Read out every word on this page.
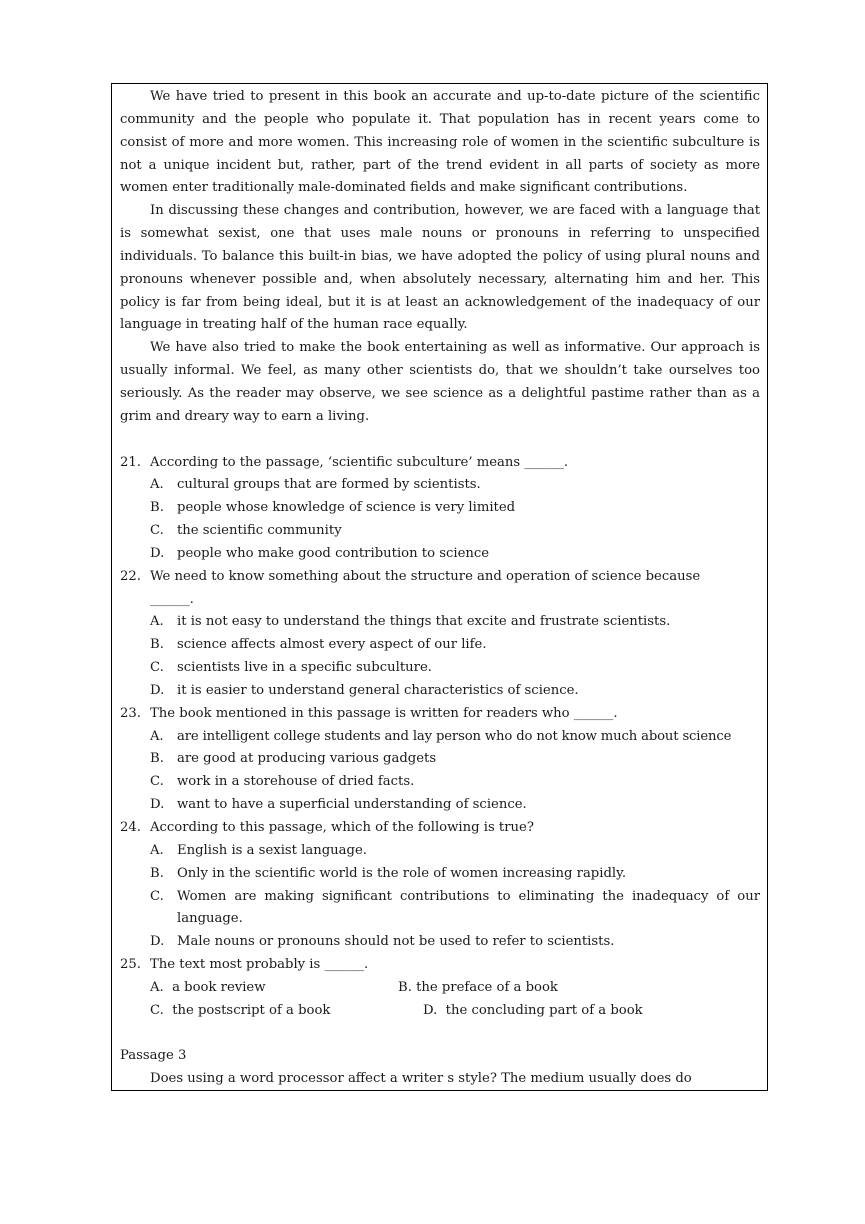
We have tried to present in this book an accurate and up-to-date picture of the scientific community and the people who populate it. That population has in recent years come to consist of more and more women. This increasing role of women in the scientific subculture is not a unique incident but, rather, part of the trend evident in all parts of society as more women enter traditionally male-dominated fields and make significant contributions.

In discussing these changes and contribution, however, we are faced with a language that is somewhat sexist, one that uses male nouns or pronouns in referring to unspecified individuals. To balance this built-in bias, we have adopted the policy of using plural nouns and pronouns whenever possible and, when absolutely necessary, alternating him and her. This policy is far from being ideal, but it is at least an acknowledgement of the inadequacy of our language in treating half of the human race equally.

We have also tried to make the book entertaining as well as informative. Our approach is usually informal. We feel, as many other scientists do, that we shouldn’t take ourselves too seriously. As the reader may observe, we see science as a delightful pastime rather than as a grim and dreary way to earn a living.

21. According to the passage, ‘scientific subculture’ means ______.

A. cultural groups that are formed by scientists.

B. people whose knowledge of science is very limited

C. the scientific community

D. people who make good contribution to science

22. We need to know something about the structure and operation of science because      ______.

A. it is not easy to understand the things that excite and frustrate scientists.

B. science affects almost every aspect of our life.

C. scientists live in a specific subculture.

D. it is easier to understand general characteristics of science.

23. The book mentioned in this passage is written for readers who ______.

A. are intelligent college students and lay person who do not know much about science

B. are good at producing various gadgets

C. work in a storehouse of dried facts.

D. want to have a superficial understanding of science.

24. According to this passage, which of the following is true?

A. English is a sexist language.

B. Only in the scientific world is the role of women increasing rapidly.

C. Women are making significant contributions to eliminating the inadequacy of our language.

D. Male nouns or pronouns should not be used to refer to scientists.

25. The text most probably is ______.

A.  a book review	B. the preface of a book

C.  the postscript of a book	D.  the concluding part of a book

Passage 3

Does using a word processor affect a writer s style? The medium usually does do
